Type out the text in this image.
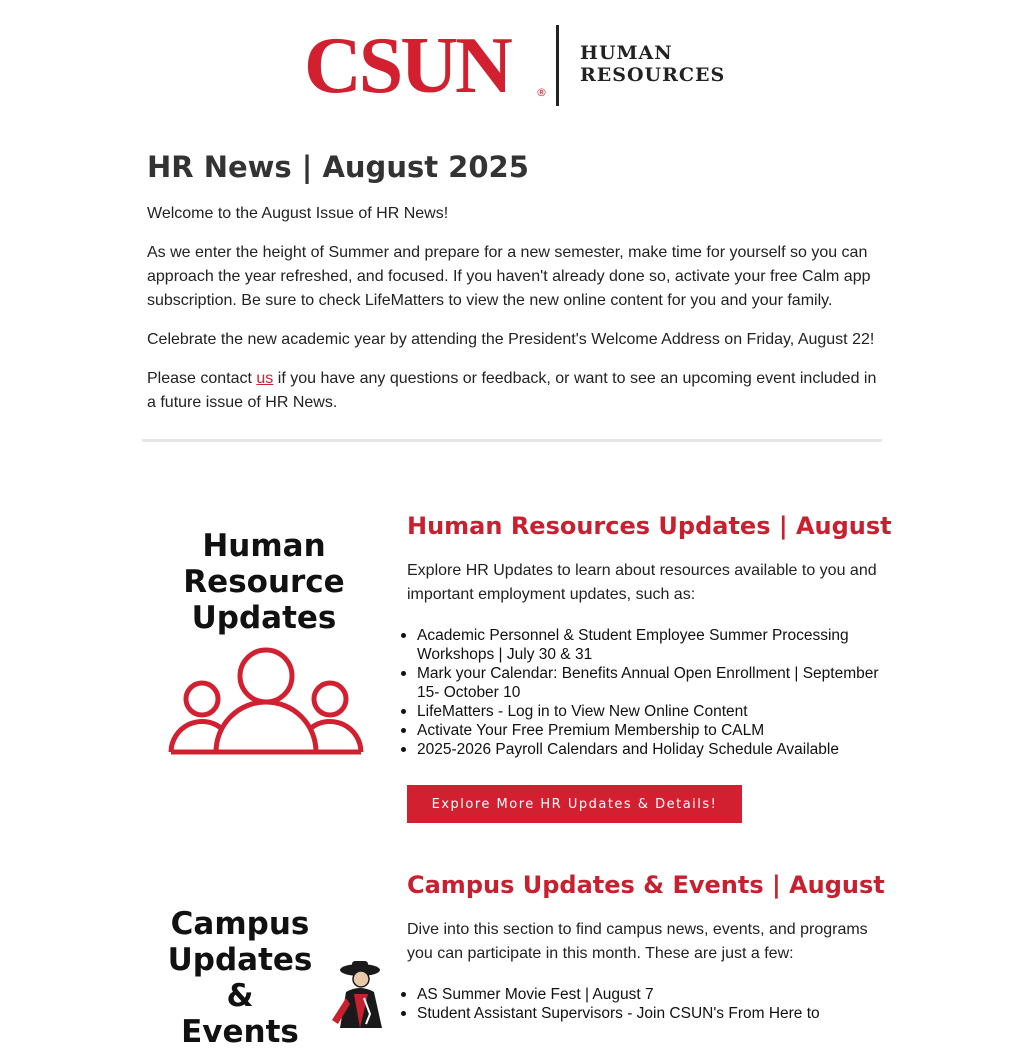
CSUN ®
HUMAN
RESOURCES
HR News | August 2025

Welcome to the August Issue of HR News!

As we enter the height of Summer and prepare for a new semester, make time for yourself so you can approach the year refreshed, and focused. If you haven't already done so, activate your free Calm app subscription. Be sure to check LifeMatters to view the new online content for you and your family.

Celebrate the new academic year by attending the President's Welcome Address on Friday, August 22!

Please contact us if you have any questions or feedback, or want to see an upcoming event included in a future issue of HR News.

Human
Resource
Updates
Human Resources Updates | August

Explore HR Updates to learn about resources available to you and important employment updates, such as:

Academic Personnel & Student Employee Summer Processing Workshops | July 30 & 31
Mark your Calendar: Benefits Annual Open Enrollment | September 15- October 10
LifeMatters - Log in to View New Online Content
Activate Your Free Premium Membership to CALM
2025-2026 Payroll Calendars and Holiday Schedule Available
Explore More HR Updates & Details!
Campus
Updates
&
Events
Campus Updates & Events | August

Dive into this section to find campus news, events, and programs you can participate in this month. These are just a few:

AS Summer Movie Fest | August 7
Student Assistant Supervisors - Join CSUN's From Here to
